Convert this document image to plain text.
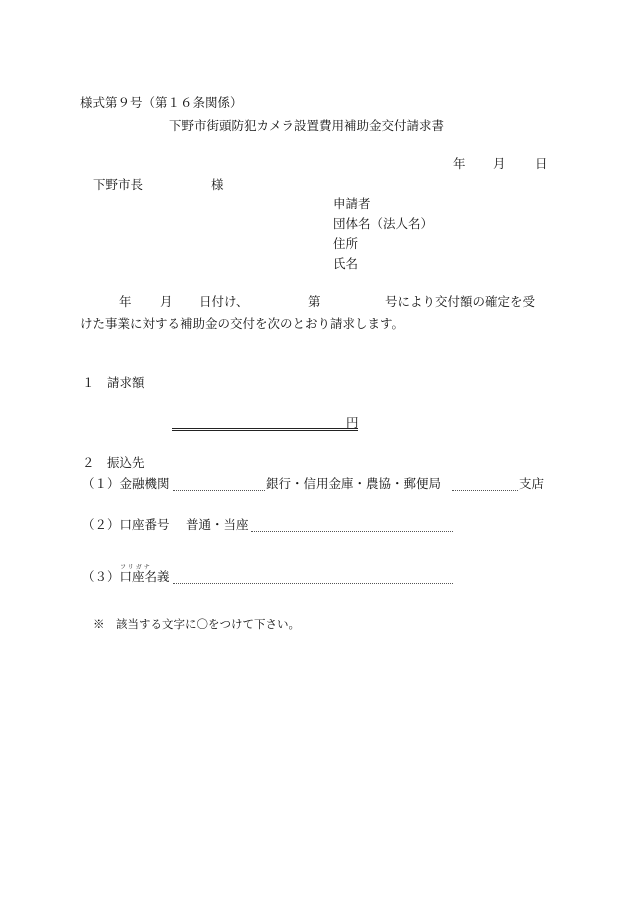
様式第９号（第１６条関係）
下野市街頭防犯カメラ設置費用補助金交付請求書
年 月 日
下野市長	様
申請者
団体名（法人名）
住所
氏名
年 月 日付け、	第	号により交付額の確定を受
けた事業に対する補助金の交付を次のとおり請求します。
１　請求額
円
２　振込先
（１）金融機関	銀行・信用金庫・農協・郵便局	支店
（２）口座番号 普通・当座
フリガナ
（３）口座名義
※　該当する文字に〇をつけて下さい。
